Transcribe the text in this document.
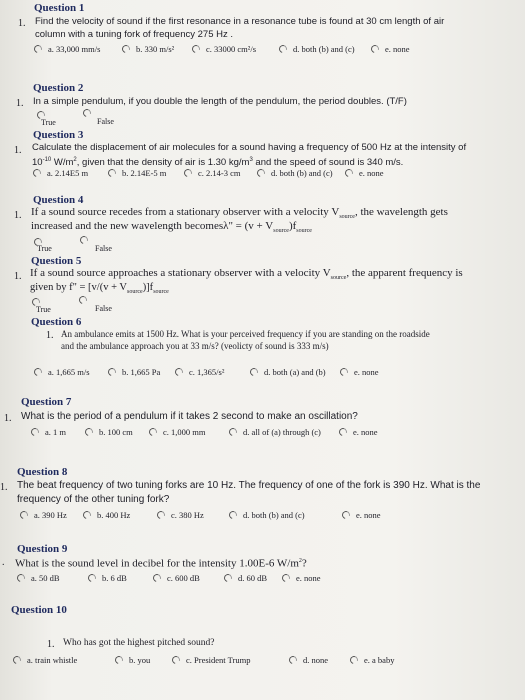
Question 1
1. Find the velocity of sound if the first resonance in a resonance tube is found at 30 cm length of air
column with a tuning fork of frequency 275 Hz .
a. 33,000 mm/s	b. 330 m/s²	c. 33000 cm²/s	d. both (b) and (c)	e. none
Question 2
1. In a simple pendulum, if you double the length of the pendulum, the period doubles. (T/F)
True	False
Question 3
1. Calculate the displacement of air molecules for a sound having a frequency of 500 Hz at the intensity of
$10^{-10}$ $W/m^2$, given that the density of air is 1.30 $kg/m^3$ and the speed of sound is 340 m/s.
a. 2.14E5 m	b. 2.14E-5 m	c. 2.14-3 cm	d. both (b) and (c)	e. none
Question 4
1. If a sound source recedes from a stationary observer with a velocity $V_{source}$, the wavelength gets
increased and the new wavelength becomesλ" = $(v + V_{source})f_{source}$
True	False
Question 5
1. If a sound source approaches a stationary observer with a velocity $V_{source}$, the apparent frequency is
given by f" = $[v/(v + V_{source})]f_{source}$
True	False
Question 6
1. An ambulance emits at 1500 Hz. What is your perceived frequency if you are standing on the roadside
and the ambulance approach you at 33 m/s? (veolicty of sound is 333 m/s)
a. 1,665 m/s	b. 1,665 Pa	c. 1,365/s²	d. both (a) and (b)	e. none
Question 7
1. What is the period of a pendulum if it takes 2 second to make an oscillation?
a. 1 m	b. 100 cm	c. 1,000 mm	d. all of (a) through (c)	e. none
Question 8
1. The beat frequency of two tuning forks are 10 Hz. The frequency of one of the fork is 390 Hz. What is the
frequency of the other tuning fork?
a. 390 Hz	b. 400 Hz	c. 380 Hz	d. both (b) and (c)	e. none
Question 9
. What is the sound level in decibel for the intensity 1.00E-6 $W/m^2$?
a. 50 dB	b. 6 dB	c. 600 dB	d. 60 dB	e. none
Question 10
1. Who has got the highest pitched sound?
a. train whistle	b. you	c. President Trump	d. none	e. a baby
